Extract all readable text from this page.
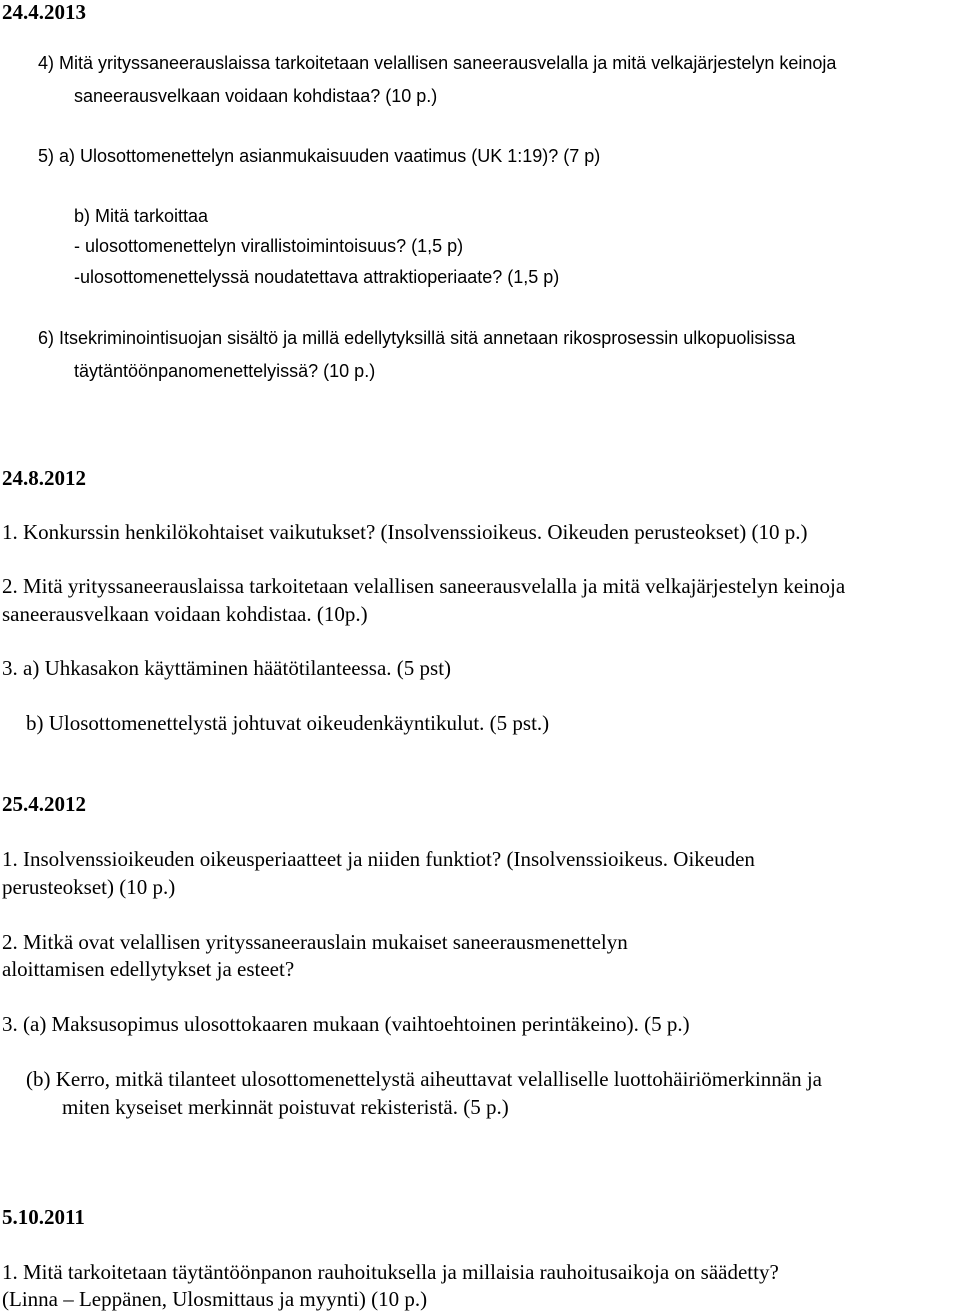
24.4.2013
4) Mitä yrityssaneerauslaissa tarkoitetaan velallisen saneerausvelalla ja mitä velkajärjestelyn keinoja
saneerausvelkaan voidaan kohdistaa? (10 p.)
5) a) Ulosottomenettelyn asianmukaisuuden vaatimus (UK 1:19)? (7 p)
b) Mitä tarkoittaa
- ulosottomenettelyn virallistoimintoisuus? (1,5 p)
-ulosottomenettelyssä noudatettava attraktioperiaate? (1,5 p)
6) Itsekriminointisuojan sisältö ja millä edellytyksillä sitä annetaan rikosprosessin ulkopuolisissa
täytäntöönpanomenettelyissä? (10 p.)
24.8.2012
1. Konkurssin henkilökohtaiset vaikutukset? (Insolvenssioikeus. Oikeuden perusteokset) (10 p.)
2. Mitä yrityssaneerauslaissa tarkoitetaan velallisen saneerausvelalla ja mitä velkajärjestelyn keinoja
saneerausvelkaan voidaan kohdistaa. (10p.)
3. a) Uhkasakon käyttäminen häätötilanteessa. (5 pst)
b) Ulosottomenettelystä johtuvat oikeudenkäyntikulut. (5 pst.)
25.4.2012
1. Insolvenssioikeuden oikeusperiaatteet ja niiden funktiot? (Insolvenssioikeus. Oikeuden
perusteokset) (10 p.)
2. Mitkä ovat velallisen yrityssaneerauslain mukaiset saneerausmenettelyn
aloittamisen edellytykset ja esteet?
3. (a) Maksusopimus ulosottokaaren mukaan (vaihtoehtoinen perintäkeino). (5 p.)
(b) Kerro, mitkä tilanteet ulosottomenettelystä aiheuttavat velalliselle luottohäiriömerkinnän ja
miten kyseiset merkinnät poistuvat rekisteristä. (5 p.)
5.10.2011
1. Mitä tarkoitetaan täytäntöönpanon rauhoituksella ja millaisia rauhoitusaikoja on säädetty?
(Linna – Leppänen, Ulosmittaus ja myynti) (10 p.)
